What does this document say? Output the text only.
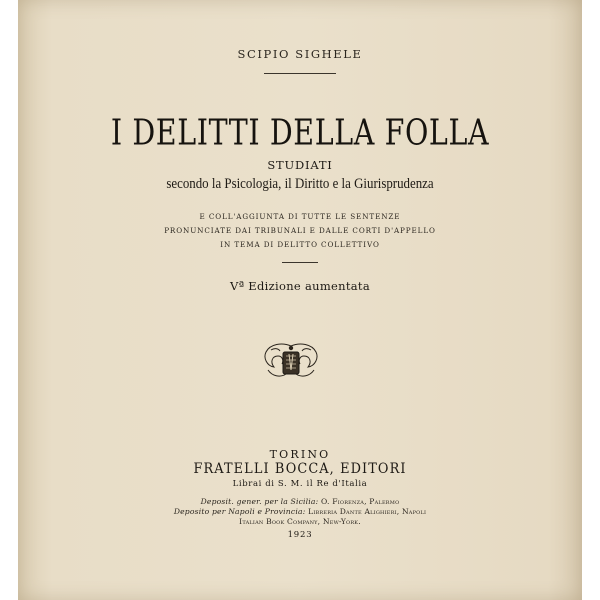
SCIPIO SIGHELE
I DELITTI DELLA FOLLA
STUDIATI
secondo la Psicologia, il Diritto e la Giurisprudenza
E COLL'AGGIUNTA DI TUTTE LE SENTENZE
PRONUNCIATE DAI TRIBUNALI E DALLE CORTI D'APPELLO
IN TEMA DI DELITTO COLLETTIVO
Vª Edizione aumentata
TORINO
FRATELLI BOCCA, EDITORI
Librai di S. M. il Re d'Italia
Deposit. gener. per la Sicilia: O. Fiorenza, Palermo
Deposito per Napoli e Provincia: Libreria Dante Alighieri, Napoli
Italian Book Company, New-York.
1923
